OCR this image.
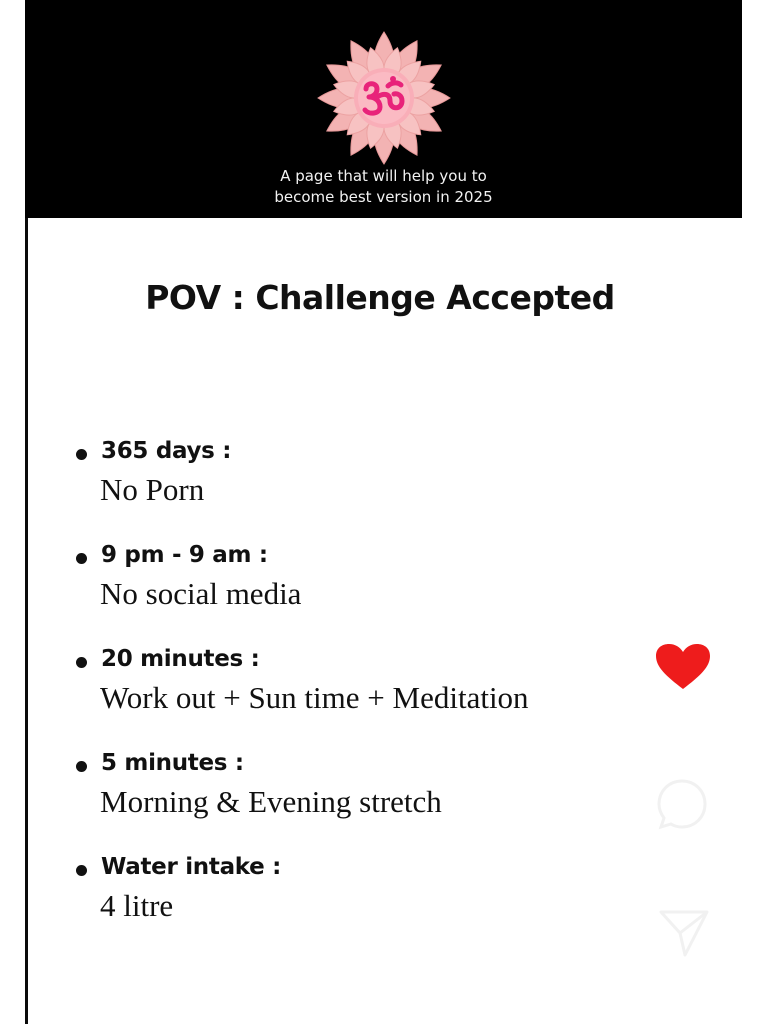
A page that will help you to
become best version in 2025
POV : Challenge Accepted
365 days :
No Porn
9 pm - 9 am :
No social media
20 minutes :
Work out + Sun time + Meditation
5 minutes :
Morning & Evening stretch
Water intake :
4 litre
